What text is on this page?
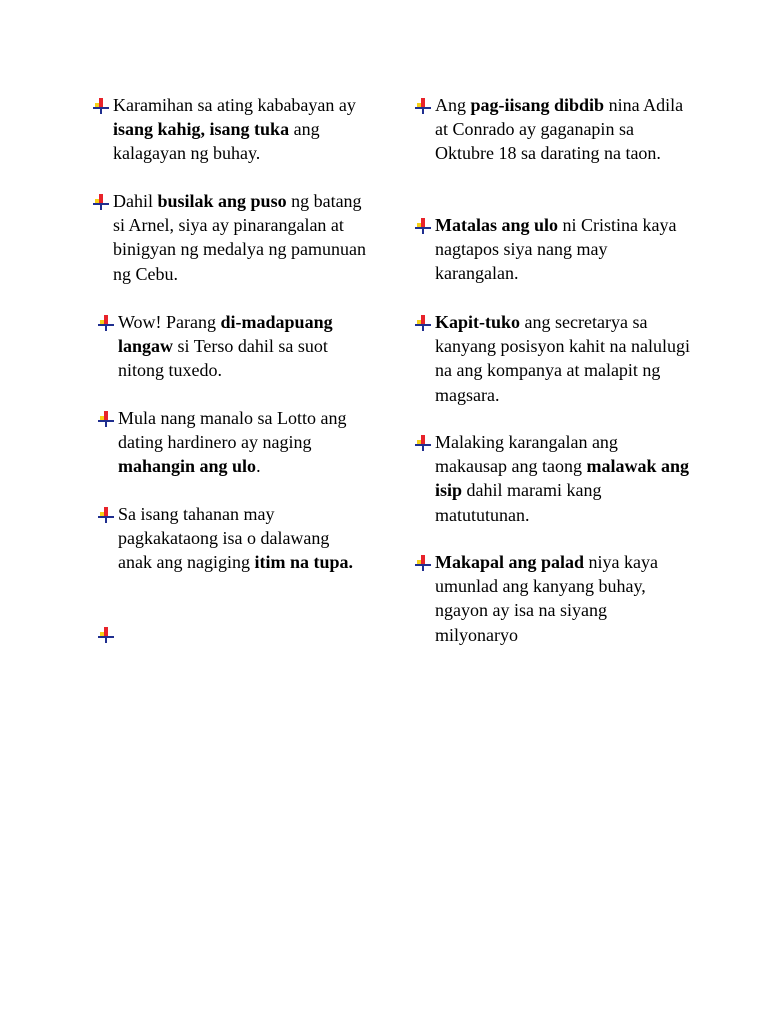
Karamihan sa ating kababayan ay isang kahig, isang tuka ang kalagayan ng buhay.
Dahil busilak ang puso ng batang si Arnel, siya ay pinarangalan at binigyan ng medalya ng pamunuan ng Cebu.
Wow! Parang di-madapuang langaw si Terso dahil sa suot nitong tuxedo.
Mula nang manalo sa Lotto ang dating hardinero ay naging mahangin ang ulo.
Sa isang tahanan may pagkakataong isa o dalawang anak ang nagiging itim na tupa.
Ang pag-iisang dibdib nina Adila at Conrado ay gaganapin sa Oktubre 18 sa darating na taon.
Matalas ang ulo ni Cristina kaya nagtapos siya nang may karangalan.
Kapit-tuko ang secretarya sa kanyang posisyon kahit na nalulugi na ang kompanya at malapit ng magsara.
Malaking karangalan ang makausap ang taong malawak ang isip dahil marami kang matututunan.
Makapal ang palad niya kaya umunlad ang kanyang buhay, ngayon ay isa na siyang milyonaryo
